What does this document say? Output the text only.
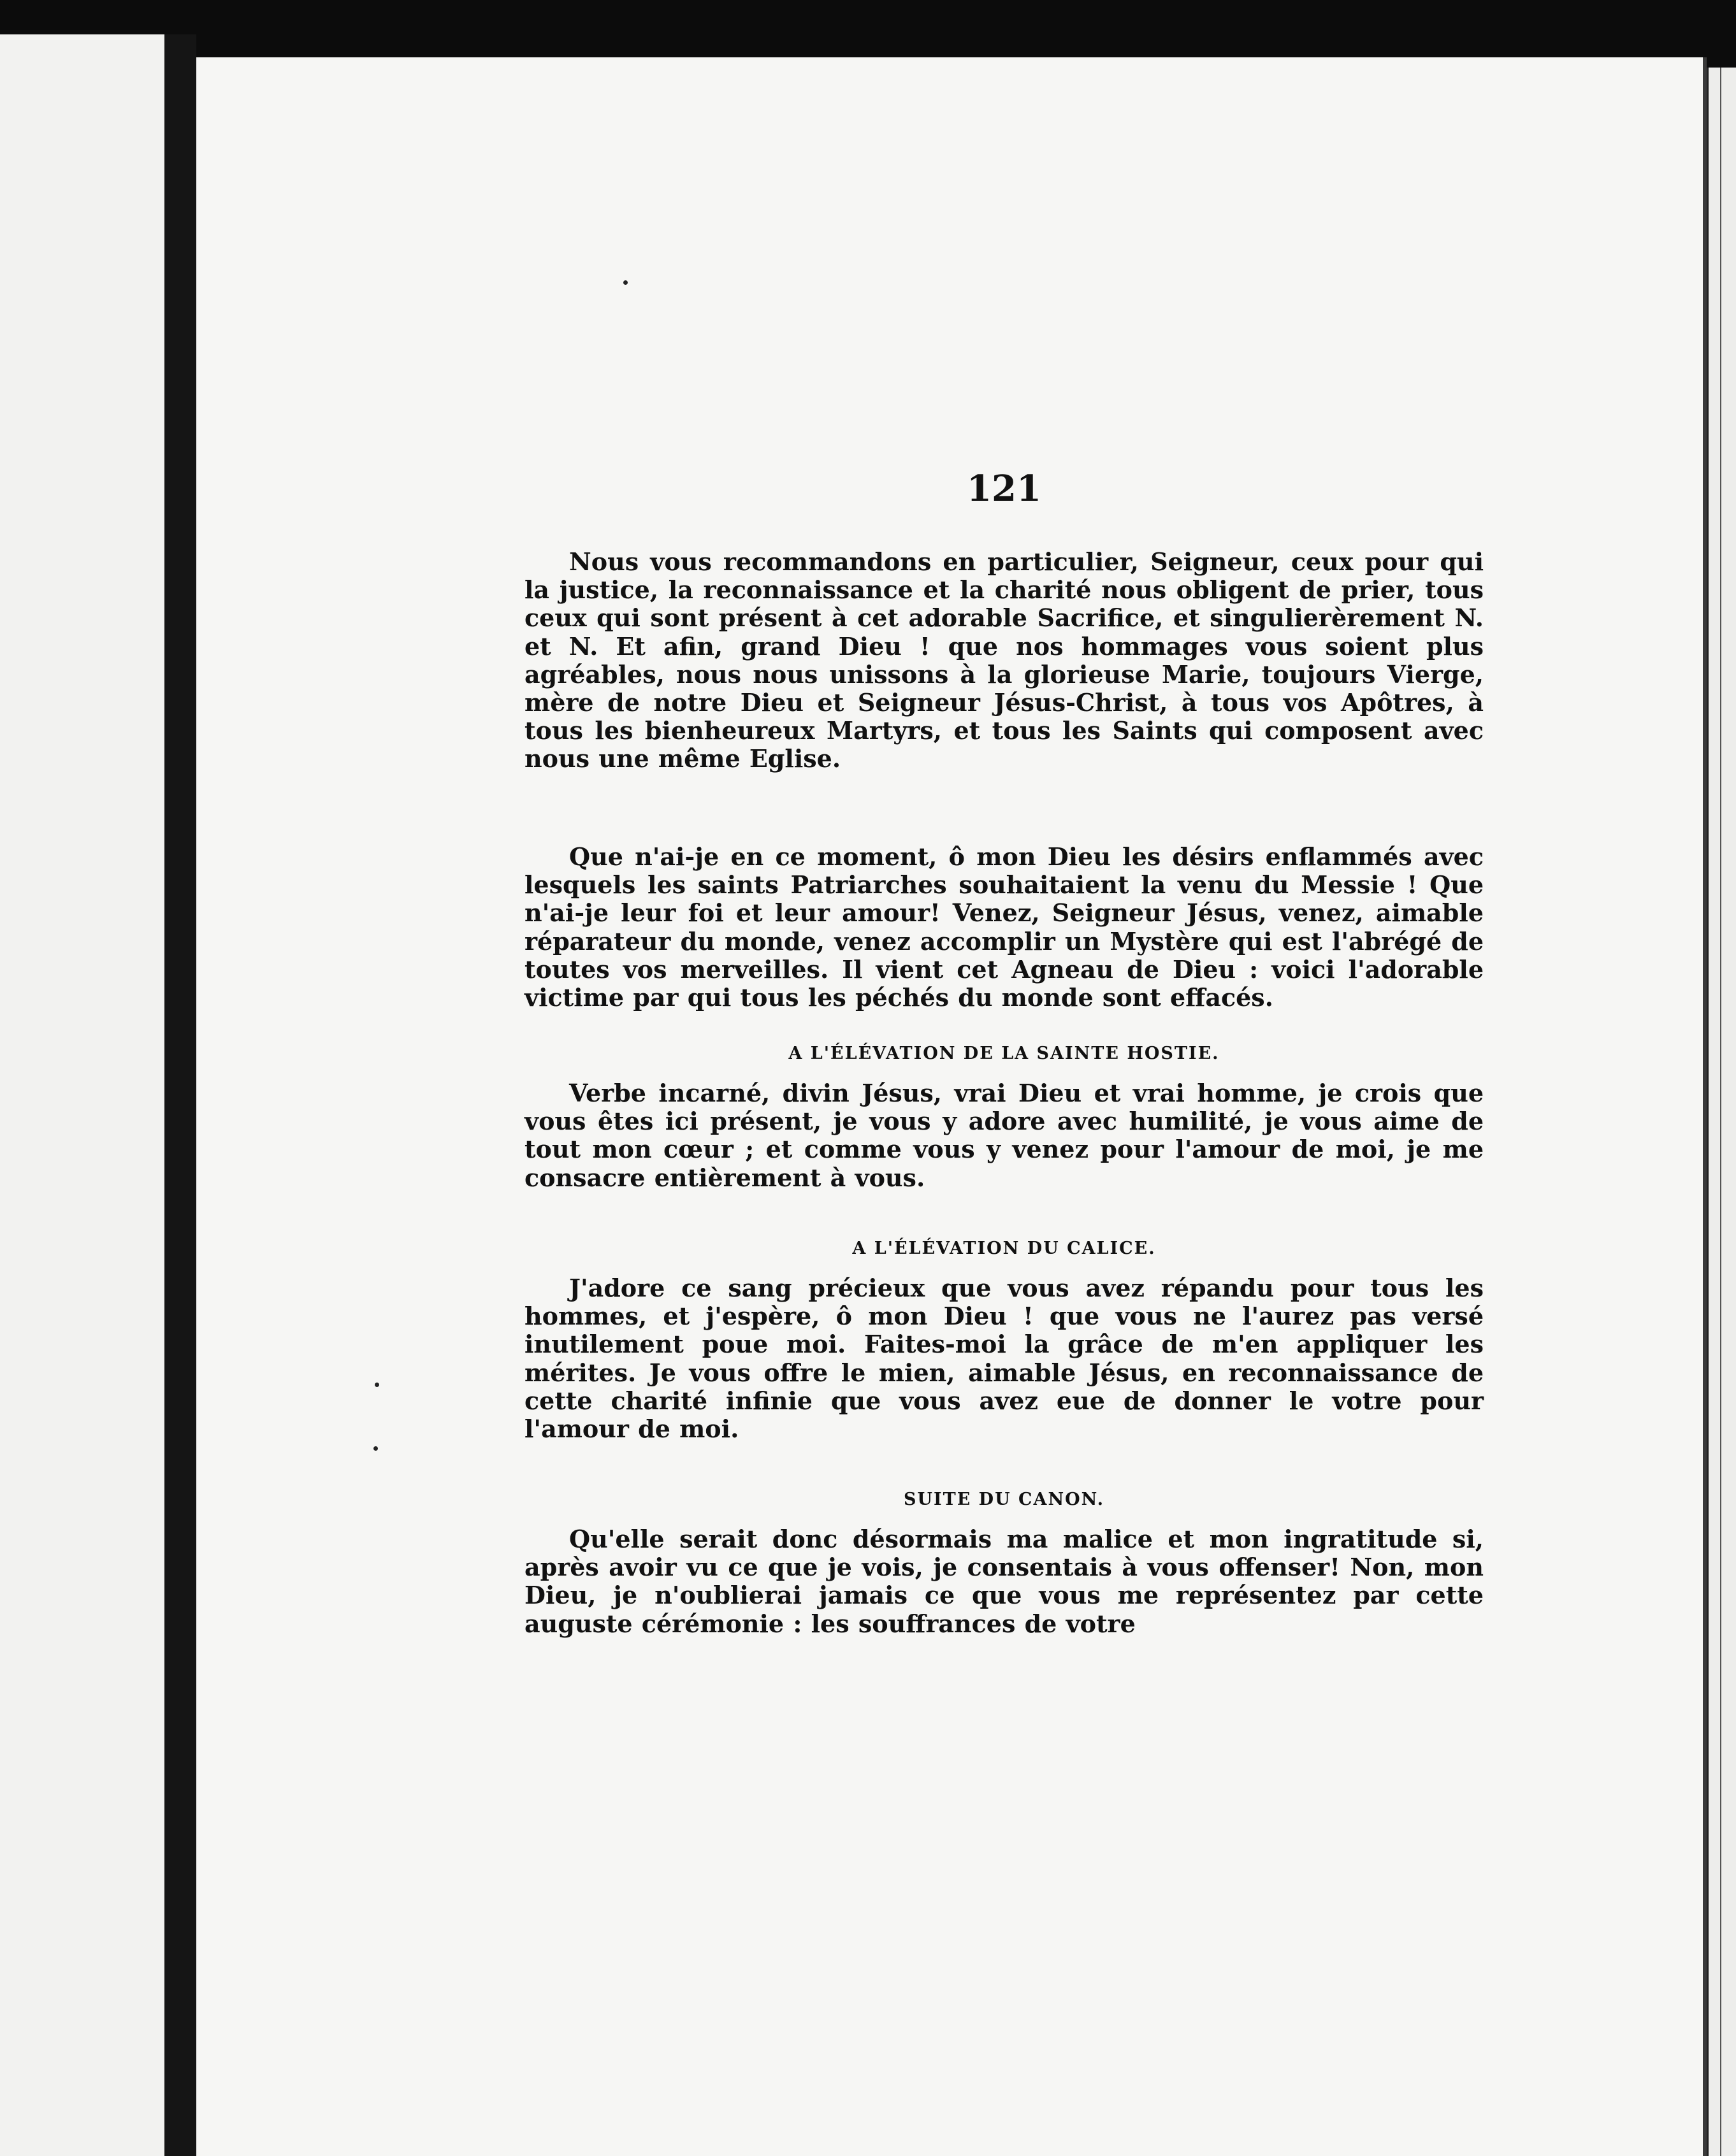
121

Nous vous recommandons en particulier, Seigneur, ceux pour qui la justice, la reconnaissance et la charité nous obligent de prier, tous ceux qui sont présent à cet adorable Sacrifice, et singulierèrement N. et N. Et afin, grand Dieu ! que nos hommages vous soient plus agréables, nous nous unissons à la glorieuse Marie, toujours Vierge, mère de notre Dieu et Seigneur Jésus-Christ, à tous vos Apôtres, à tous les bienheureux Martyrs, et tous les Saints qui composent avec nous une même Eglise.

Que n'ai-je en ce moment, ô mon Dieu les désirs enflammés avec lesquels les saints Patriarches souhaitaient la venu du Messie ! Que n'ai-je leur foi et leur amour! Venez, Seigneur Jésus, venez, aimable réparateur du monde, venez accomplir un Mystère qui est l'abrégé de toutes vos merveilles. Il vient cet Agneau de Dieu : voici l'adorable victime par qui tous les péchés du monde sont effacés.

A L'ÉLÉVATION DE LA SAINTE HOSTIE.

Verbe incarné, divin Jésus, vrai Dieu et vrai homme, je crois que vous êtes ici présent, je vous y adore avec humilité, je vous aime de tout mon cœur ; et comme vous y venez pour l'amour de moi, je me consacre entièrement à vous.

A L'ÉLÉVATION DU CALICE.

J'adore ce sang précieux que vous avez répandu pour tous les hommes, et j'espère, ô mon Dieu ! que vous ne l'aurez pas versé inutilement poue moi. Faites-moi la grâce de m'en appliquer les mérites. Je vous offre le mien, aimable Jésus, en reconnaissance de cette charité infinie que vous avez eue de donner le votre pour l'amour de moi.

SUITE DU CANON.

Qu'elle serait donc désormais ma malice et mon ingratitude si, après avoir vu ce que je vois, je consentais à vous offenser! Non, mon Dieu, je n'oublierai jamais ce que vous me représentez par cette auguste cérémonie : les souffrances de votre
